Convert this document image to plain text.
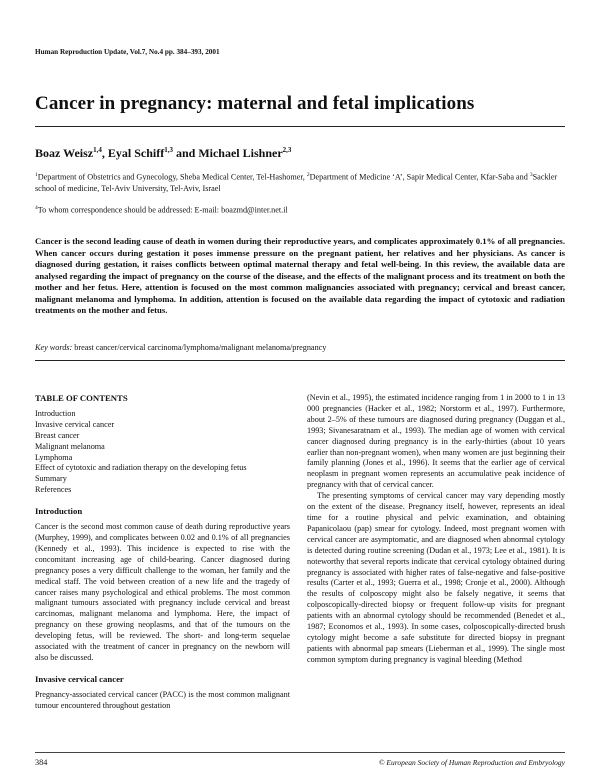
Human Reproduction Update, Vol.7, No.4 pp. 384–393, 2001
Cancer in pregnancy: maternal and fetal implications
Boaz Weisz$^{1,4}$, Eyal Schiff$^{1,3}$ and Michael Lishner$^{2,3}$
$^1$Department of Obstetrics and Gynecology, Sheba Medical Center, Tel-Hashomer, $^2$Department of Medicine ‘A’, Sapir Medical Center, Kfar-Saba and $^3$Sackler school of medicine, Tel-Aviv University, Tel-Aviv, Israel
$^4$To whom correspondence should be addressed: E-mail: boazmd@inter.net.il
Cancer is the second leading cause of death in women during their reproductive years, and complicates approximately 0.1% of all pregnancies. When cancer occurs during gestation it poses immense pressure on the pregnant patient, her relatives and her physicians. As cancer is diagnosed during gestation, it raises conflicts between optimal maternal therapy and fetal well-being. In this review, the available data are analysed regarding the impact of pregnancy on the course of the disease, and the effects of the malignant process and its treatment on both the mother and her fetus. Here, attention is focused on the most common malignancies associated with pregnancy; cervical and breast cancer, malignant melanoma and lymphoma. In addition, attention is focused on the available data regarding the impact of cytotoxic and radiation treatments on the mother and fetus.
Key words: breast cancer/cervical carcinoma/lymphoma/malignant melanoma/pregnancy
TABLE OF CONTENTS
Introduction
Invasive cervical cancer
Breast cancer
Malignant melanoma
Lymphoma
Effect of cytotoxic and radiation therapy on the developing fetus
Summary
References
Introduction

Cancer is the second most common cause of death during reproductive years (Murphey, 1999), and complicates between 0.02 and 0.1% of all pregnancies (Kennedy et al., 1993). This incidence is expected to rise with the concomitant increasing age of child-bearing. Cancer diagnosed during pregnancy poses a very difficult challenge to the woman, her family and the medical staff. The void between creation of a new life and the tragedy of cancer raises many psychological and ethical problems. The most common malignant tumours associated with pregnancy include cervical and breast carcinomas, malignant melanoma and lymphoma. Here, the impact of pregnancy on these growing neoplasms, and that of the tumours on the developing fetus, will be reviewed. The short- and long-term sequelae associated with the treatment of cancer in pregnancy on the newborn will also be discussed.

Invasive cervical cancer

Pregnancy-associated cervical cancer (PACC) is the most common malignant tumour encountered throughout gestation

(Nevin et al., 1995), the estimated incidence ranging from 1 in 2000 to 1 in 13 000 pregnancies (Hacker et al., 1982; Norstorm et al., 1997). Furthermore, about 2–5% of these tumours are diagnosed during pregnancy (Duggan et al., 1993; Sivanesaratnam et al., 1993). The median age of women with cervical cancer diagnosed during pregnancy is in the early-thirties (about 10 years earlier than non-pregnant women), when many women are just beginning their family planning (Jones et al., 1996). It seems that the earlier age of cervical neoplasm in pregnant women represents an accumulative peak incidence of pregnancy with that of cervical cancer.

The presenting symptoms of cervical cancer may vary depending mostly on the extent of the disease. Pregnancy itself, however, represents an ideal time for a routine physical and pelvic examination, and obtaining Papanicolaou (pap) smear for cytology. Indeed, most pregnant women with cervical cancer are asymptomatic, and are diagnosed when abnormal cytology is detected during routine screening (Dudan et al., 1973; Lee et al., 1981). It is noteworthy that several reports indicate that cervical cytology obtained during pregnancy is associated with higher rates of false-negative and false-positive results (Carter et al., 1993; Guerra et al., 1998; Cronje et al., 2000). Although the results of colposcopy might also be falsely negative, it seems that colposcopically-directed biopsy or frequent follow-up visits for pregnant patients with an abnormal cytology should be recommended (Benedet et al., 1987; Economos et al., 1993). In some cases, colposcopically-directed brush cytology might become a safe substitute for directed biopsy in pregnant patients with abnormal pap smears (Lieberman et al., 1999). The single most common symptom during pregnancy is vaginal bleeding (Method

384	© European Society of Human Reproduction and Embryology
